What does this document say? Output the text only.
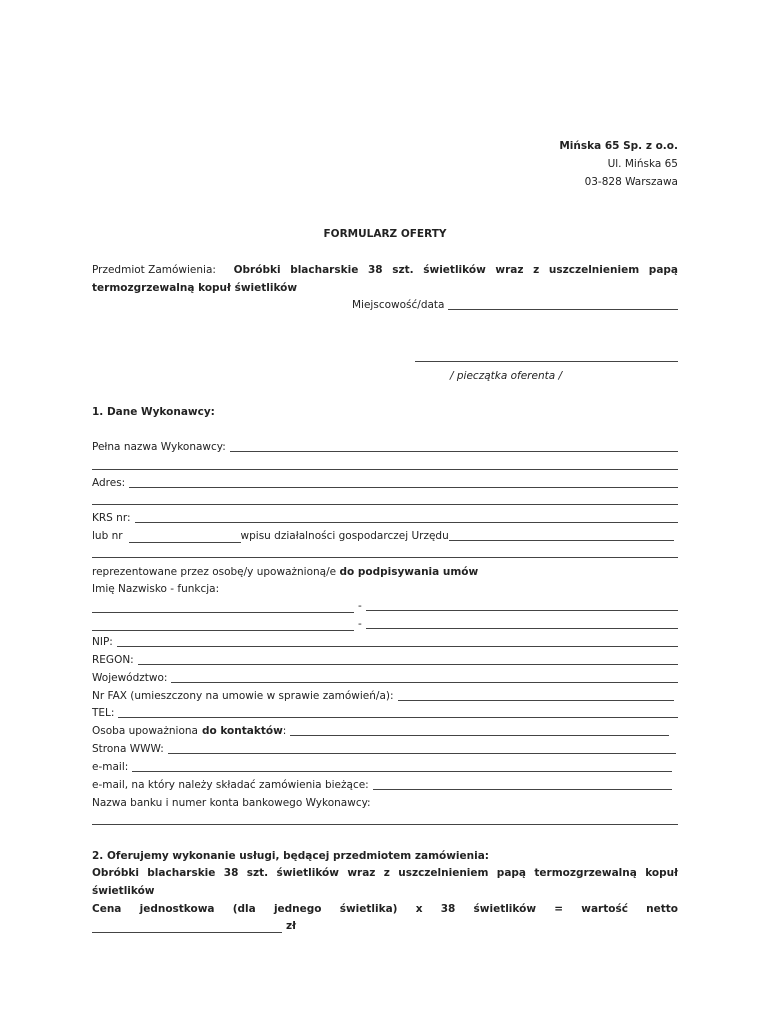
Mińska 65 Sp. z o.o.
Ul. Mińska 65
03-828 Warszawa
FORMULARZ OFERTY
Przedmiot Zamówienia: Obróbki blacharskie 38 szt. świetlików wraz z uszczelnieniem papą
termozgrzewalną kopuł świetlików
Miejscowość/data
/ pieczątka oferenta /
1. Dane Wykonawcy:
Pełna nazwa Wykonawcy:
Adres:
KRS nr:
lub nr	wpisu działalności gospodarczej Urzędu
reprezentowane przez osobę/y upoważnioną/e do podpisywania umów
Imię Nazwisko - funkcja:
-
-
NIP:
REGON:
Województwo:
Nr FAX (umieszczony na umowie w sprawie zamówień/a):
TEL:
Osoba upoważniona do kontaktów :
Strona WWW:
e-mail:
e-mail, na który należy składać zamówienia bieżące:
Nazwa banku i numer konta bankowego Wykonawcy:
2. Oferujemy wykonanie usługi, będącej przedmiotem zamówienia:
Obróbki blacharskie 38 szt. świetlików wraz z uszczelnieniem papą termozgrzewalną kopuł
świetlików
Cena jednostkowa (dla jednego świetlika) x 38 świetlików = wartość netto
zł
